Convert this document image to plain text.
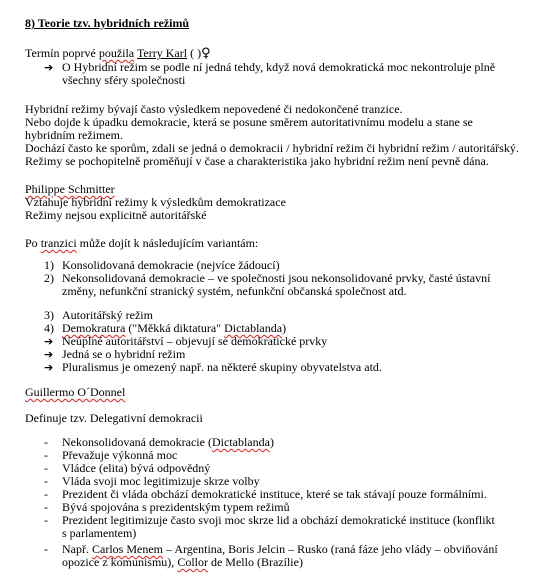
8) Teorie tzv. hybridních režimů
Termín poprvé použila Terry Karl ( )♀
➔ O Hybridní režim se podle ní jedná tehdy, když nová demokratická moc nekontroluje plně
všechny sféry společnosti
Hybridní režimy bývají často výsledkem nepovedené či nedokončené tranzice.
Nebo dojde k úpadku demokracie, která se posune směrem autoritativnímu modelu a stane se
hybridním režimem.
Dochází často ke sporům, zdali se jedná o demokracii / hybridní režim či hybridní režim / autoritářský.
Režimy se pochopitelně proměňují v čase a charakteristika jako hybridní režim není pevně dána.
Philippe Schmitter
Vztahuje hybridní režimy k výsledkům demokratizace
Režimy nejsou explicitně autoritářské
Po tranzici může dojít k následujícím variantám:
1) Konsolidovaná demokracie (nejvíce žádoucí)
2) Nekonsolidovaná demokracie – ve společnosti jsou nekonsolidované prvky, časté ústavní
změny, nefunkční stranický systém, nefunkční občanská společnost atd.
3) Autoritářský režim
4) Demokratura ("Měkká diktatura" Dictablanda)
➔ Neúplné autoritářství – objevují se demokratické prvky
➔ Jedná se o hybridní režim
➔ Pluralismus je omezený např. na některé skupiny obyvatelstva atd.
Guillermo O´Donnel
Definuje tzv. Delegativní demokracii
- Nekonsolidovaná demokracie (Dictablanda)
- Převažuje výkonná moc
- Vládce (elita) bývá odpovědný
- Vláda svoji moc legitimizuje skrze volby
- Prezident či vláda obchází demokratické instituce, které se tak stávají pouze formálními.
- Bývá spojována s prezidentským typem režimů
- Prezident legitimizuje často svoji moc skrze lid a obchází demokratické instituce (konflikt
s parlamentem)
- Např. Carlos Menem – Argentina, Boris Jelcin – Rusko (raná fáze jeho vlády – obviňování
opozice z komunismu), Collor de Mello (Brazílie)
